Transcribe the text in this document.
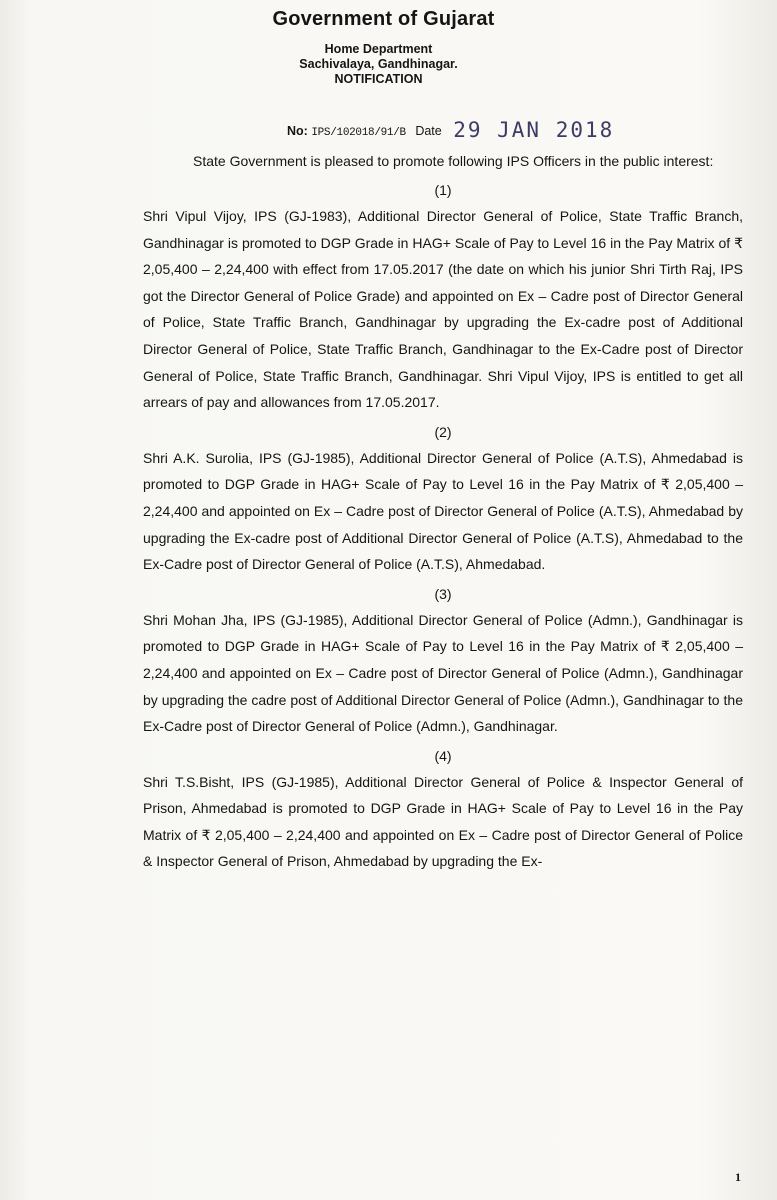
Government of Gujarat
Home Department
Sachivalaya, Gandhinagar.
NOTIFICATION
No: IPS/102018/91/B Date 29 JAN 2018

State Government is pleased to promote following IPS Officers in the public interest:

(1)

Shri Vipul Vijoy, IPS (GJ-1983), Additional Director General of Police, State Traffic Branch, Gandhinagar is promoted to DGP Grade in HAG+ Scale of Pay to Level 16 in the Pay Matrix of ₹ 2,05,400 – 2,24,400 with effect from 17.05.2017 (the date on which his junior Shri Tirth Raj, IPS got the Director General of Police Grade) and appointed on Ex – Cadre post of Director General of Police, State Traffic Branch, Gandhinagar by upgrading the Ex-cadre post of Additional Director General of Police, State Traffic Branch, Gandhinagar to the Ex-Cadre post of Director General of Police, State Traffic Branch, Gandhinagar. Shri Vipul Vijoy, IPS is entitled to get all arrears of pay and allowances from 17.05.2017.

(2)

Shri A.K. Surolia, IPS (GJ-1985), Additional Director General of Police (A.T.S), Ahmedabad is promoted to DGP Grade in HAG+ Scale of Pay to Level 16 in the Pay Matrix of ₹ 2,05,400 – 2,24,400 and appointed on Ex – Cadre post of Director General of Police (A.T.S), Ahmedabad by upgrading the Ex-cadre post of Additional Director General of Police (A.T.S), Ahmedabad to the Ex-Cadre post of Director General of Police (A.T.S), Ahmedabad.

(3)

Shri Mohan Jha, IPS (GJ-1985), Additional Director General of Police (Admn.), Gandhinagar is promoted to DGP Grade in HAG+ Scale of Pay to Level 16 in the Pay Matrix of ₹ 2,05,400 – 2,24,400 and appointed on Ex – Cadre post of Director General of Police (Admn.), Gandhinagar by upgrading the cadre post of Additional Director General of Police (Admn.), Gandhinagar to the Ex-Cadre post of Director General of Police (Admn.), Gandhinagar.

(4)

Shri T.S.Bisht, IPS (GJ-1985), Additional Director General of Police & Inspector General of Prison, Ahmedabad is promoted to DGP Grade in HAG+ Scale of Pay to Level 16 in the Pay Matrix of ₹ 2,05,400 – 2,24,400 and appointed on Ex – Cadre post of Director General of Police & Inspector General of Prison, Ahmedabad by upgrading the Ex-

1
